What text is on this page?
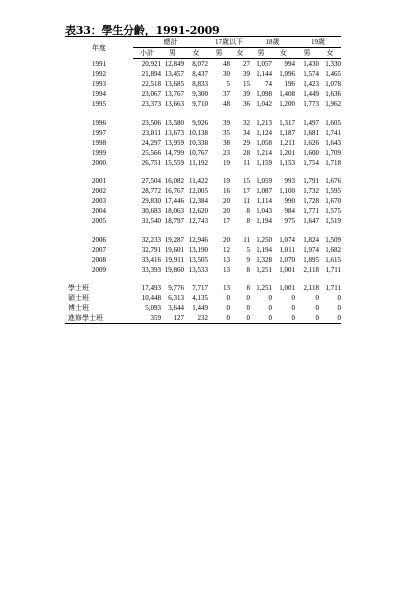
表33：學生分齡，1991-2009
年度	總計			17歲以下		18歲		19歲	
	小計	男	女	男	女	男	女	男	女
1991	20,921	12,849	8,072	48	27	1,057	994	1,430	1,330
1992	21,894	13,457	8,437	30	39	1,144	1,096	1,574	1,465
1993	22,518	13,685	8,833	5	15	74	196	1,423	1,078
1994	23,067	13,767	9,300	37	39	1,098	1,408	1,449	1,636
1995	23,373	13,663	9,710	48	36	1,042	1,200	1,773	1,962

1996	23,506	13,580	9,926	39	32	1,213	1,317	1,497	1,605
1997	23,811	13,673	10,138	35	34	1,124	1,187	1,681	1,741
1998	24,297	13,959	10,338	38	29	1,058	1,211	1,626	1,643
1999	25,566	14,799	10,767	23	28	1,214	1,201	1,600	1,709
2000	26,751	15,559	11,192	19	11	1,159	1,153	1,754	1,718

2001	27,504	16,082	11,422	19	15	1,059	993	1,791	1,676
2002	28,772	16,767	12,005	16	17	1,087	1,100	1,732	1,595
2003	29,830	17,446	12,384	20	11	1,114	990	1,728	1,670
2004	30,683	18,063	12,620	20	8	1,043	984	1,771	1,575
2005	31,540	18,797	12,743	17	8	1,194	975	1,647	1,519

2006	32,233	19,287	12,946	20	11	1,250	1,074	1,824	1,509
2007	32,791	19,601	13,190	12	5	1,194	1,011	1,974	1,682
2008	33,416	19,911	13,505	13	9	1,328	1,070	1,895	1,615
2009	33,393	19,860	13,533	13	8	1,251	1,001	2,118	1,711

學士班	17,493	9,776	7,717	13	8	1,251	1,001	2,118	1,711
碩士班	10,448	6,313	4,135	0	0	0	0	0	0
博士班	5,093	3,644	1,449	0	0	0	0	0	0
進修學士班	359	127	232	0	0	0	0	0	0
